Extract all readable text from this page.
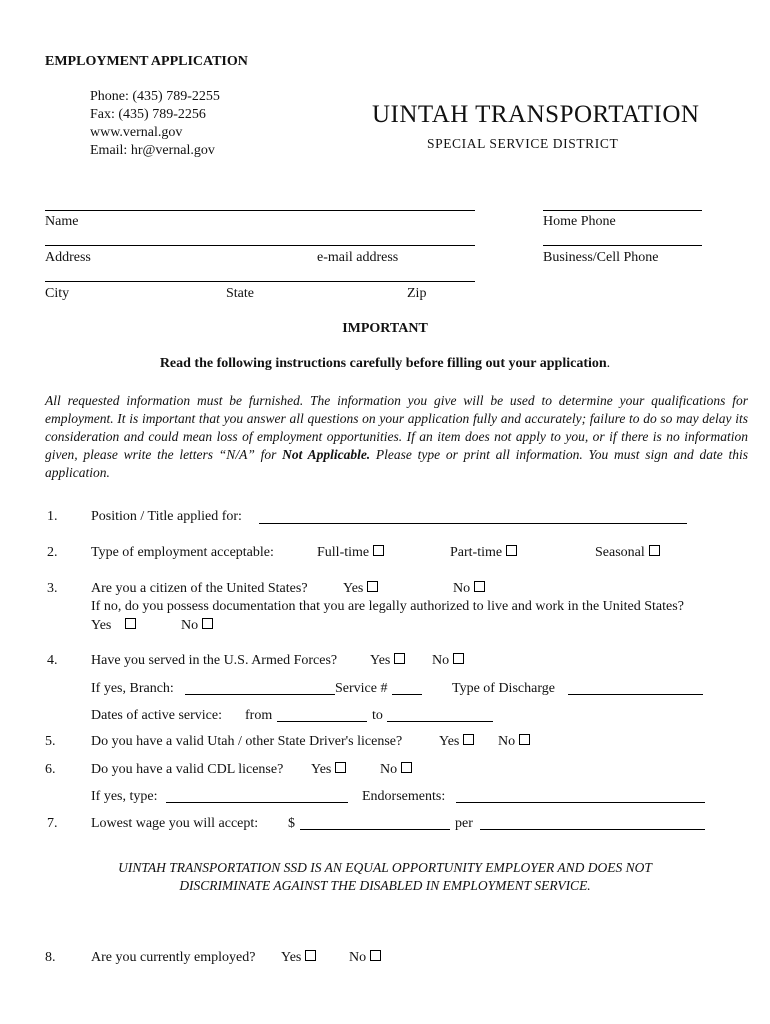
EMPLOYMENT APPLICATION
Phone: (435) 789-2255
Fax: (435) 789-2256
www.vernal.gov
Email: hr@vernal.gov
UINTAH TRANSPORTATION
SPECIAL SERVICE DISTRICT
Name	Home Phone
Address	e-mail address	Business/Cell Phone
City	State	Zip
IMPORTANT
Read the following instructions carefully before filling out your application.
All requested information must be furnished. The information you give will be used to determine your qualifications for employment. It is important that you answer all questions on your application fully and accurately; failure to do so may delay its consideration and could mean loss of employment opportunities. If an item does not apply to you, or if there is no information given, please write the letters “N/A” for Not Applicable. Please type or print all information. You must sign and date this application.
1. Position / Title applied for:
2. Type of employment acceptable:	Full-time	Part-time	Seasonal
3. Are you a citizen of the United States?	Yes	No
If no, do you possess documentation that you are legally authorized to live and work in the United States?
Yes	No
4. Have you served in the U.S. Armed Forces? Yes	No
If yes, Branch:	Service #	Type of Discharge
Dates of active service: from	to
5.	Do you have a valid Utah / other State Driver's license?	Yes	No
6.	Do you have a valid CDL license? Yes	No
If yes, type:	Endorsements:
7. Lowest wage you will accept: $	per
UINTAH TRANSPORTATION SSD IS AN EQUAL OPPORTUNITY EMPLOYER AND DOES NOT
DISCRIMINATE AGAINST THE DISABLED IN EMPLOYMENT SERVICE.
8.	Are you currently employed? Yes	No
